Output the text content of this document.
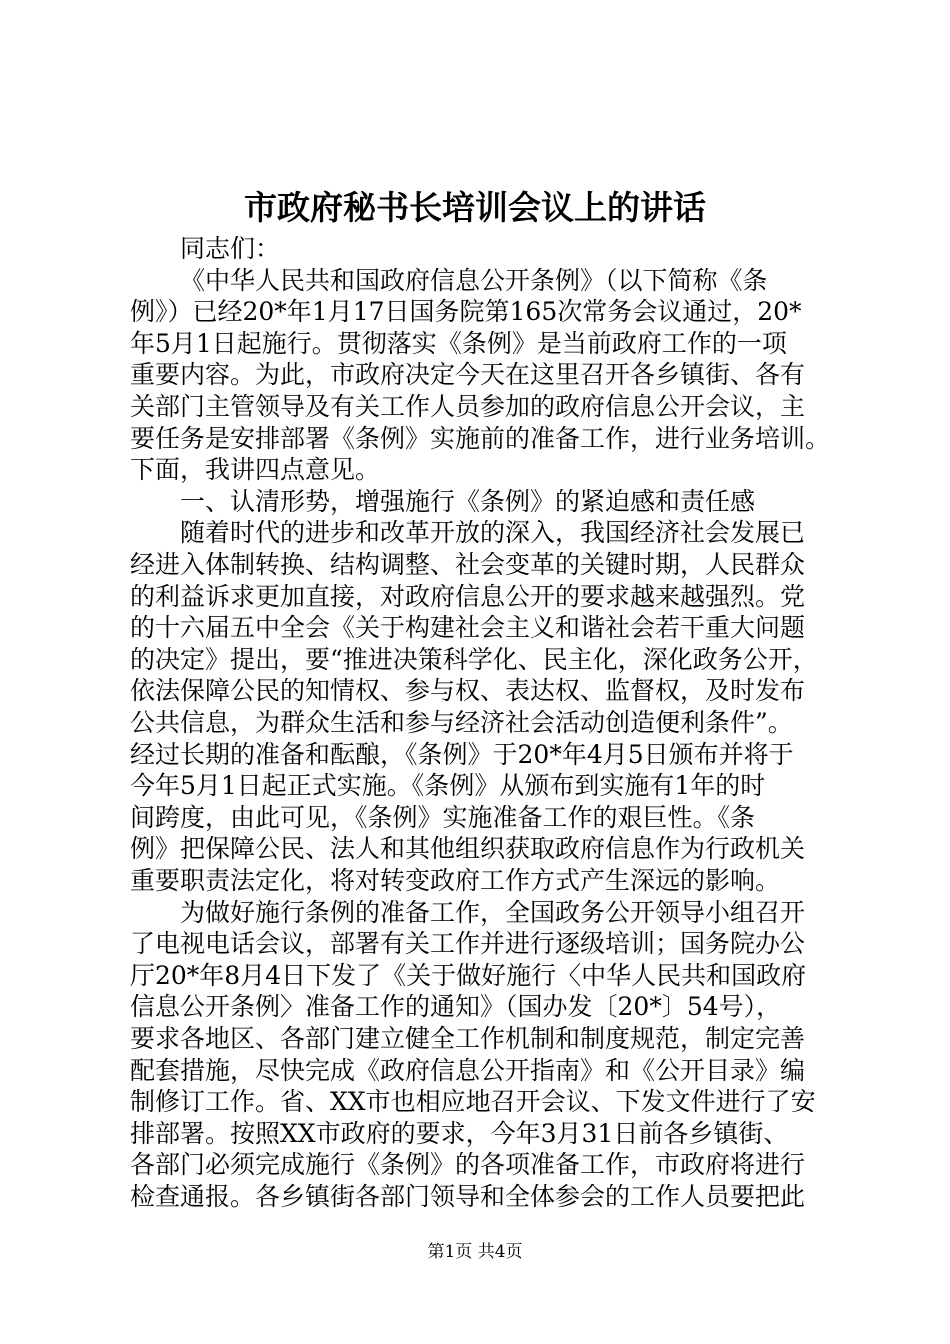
市政府秘书长培训会议上的讲话

同志们：

《中华人民共和国政府信息公开条例》（以下简称《条

例》）已经20*年1月17日国务院第165次常务会议通过，20*

年5月1日起施行。贯彻落实《条例》是当前政府工作的一项

重要内容。为此，市政府决定今天在这里召开各乡镇街、各有

关部门主管领导及有关工作人员参加的政府信息公开会议，主

要任务是安排部署《条例》实施前的准备工作，进行业务培训。

下面，我讲四点意见。

一、认清形势，增强施行《条例》的紧迫感和责任感

随着时代的进步和改革开放的深入，我国经济社会发展已

经进入体制转换、结构调整、社会变革的关键时期，人民群众

的利益诉求更加直接，对政府信息公开的要求越来越强烈。党

的十六届五中全会《关于构建社会主义和谐社会若干重大问题

的决定》提出，要“推进决策科学化、民主化，深化政务公开，

依法保障公民的知情权、参与权、表达权、监督权，及时发布

公共信息，为群众生活和参与经济社会活动创造便利条件”。

经过长期的准备和酝酿，《条例》于20*年4月5日颁布并将于

今年5月1日起正式实施。《条例》从颁布到实施有1年的时

间跨度，由此可见，《条例》实施准备工作的艰巨性。《条

例》把保障公民、法人和其他组织获取政府信息作为行政机关

重要职责法定化，将对转变政府工作方式产生深远的影响。

为做好施行条例的准备工作，全国政务公开领导小组召开

了电视电话会议，部署有关工作并进行逐级培训；国务院办公

厅20*年8月4日下发了《关于做好施行〈中华人民共和国政府

信息公开条例〉准备工作的通知》（国办发〔20*〕54号），

要求各地区、各部门建立健全工作机制和制度规范，制定完善

配套措施，尽快完成《政府信息公开指南》和《公开目录》编

制修订工作。省、XX市也相应地召开会议、下发文件进行了安

排部署。按照XX市政府的要求，今年3月31日前各乡镇街、

各部门必须完成施行《条例》的各项准备工作，市政府将进行

检查通报。各乡镇街各部门领导和全体参会的工作人员要把此

第1页 共4页
